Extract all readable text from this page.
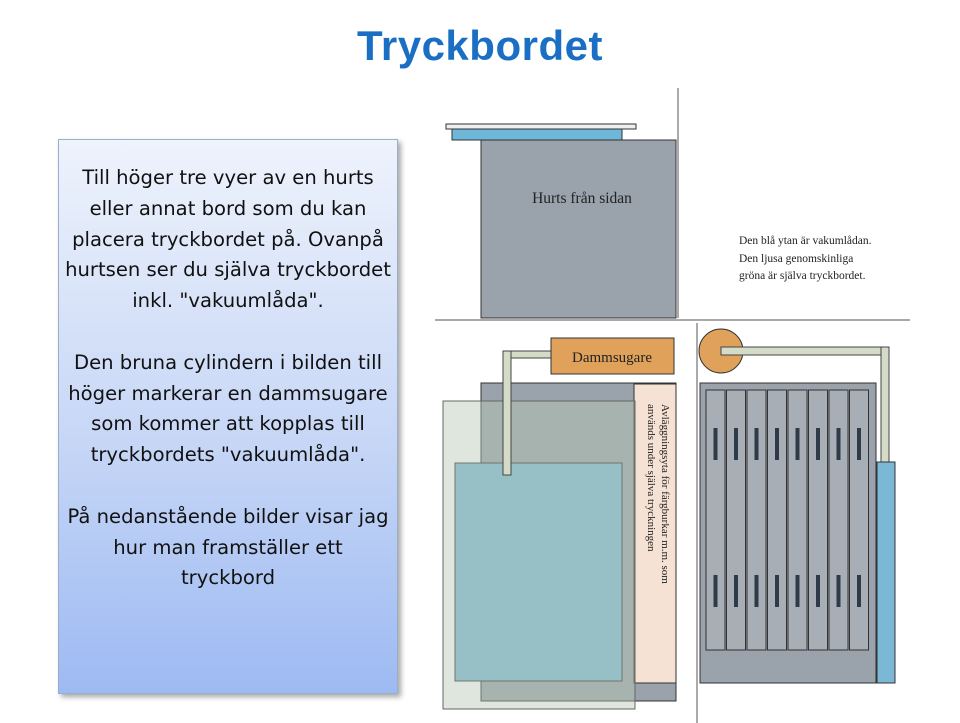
Tryckbordet

Till höger tre vyer av en hurts eller annat bord som du kan placera tryckbordet på. Ovanpå hurtsen ser du själva tryckbordet inkl. "vakuumlåda".

Den bruna cylindern i bilden till höger markerar en dammsugare som kommer att kopplas till tryckbordets "vakuumlåda".

På nedanstående bilder visar jag hur man framställer ett tryckbord

Hurts från sidan
Den blå ytan är vakumlådan.
Den ljusa genomskinliga
gröna är själva tryckbordet.
Avläggningsyta för färgburkar m.m. som
används under själva tryckningen
Dammsugare
